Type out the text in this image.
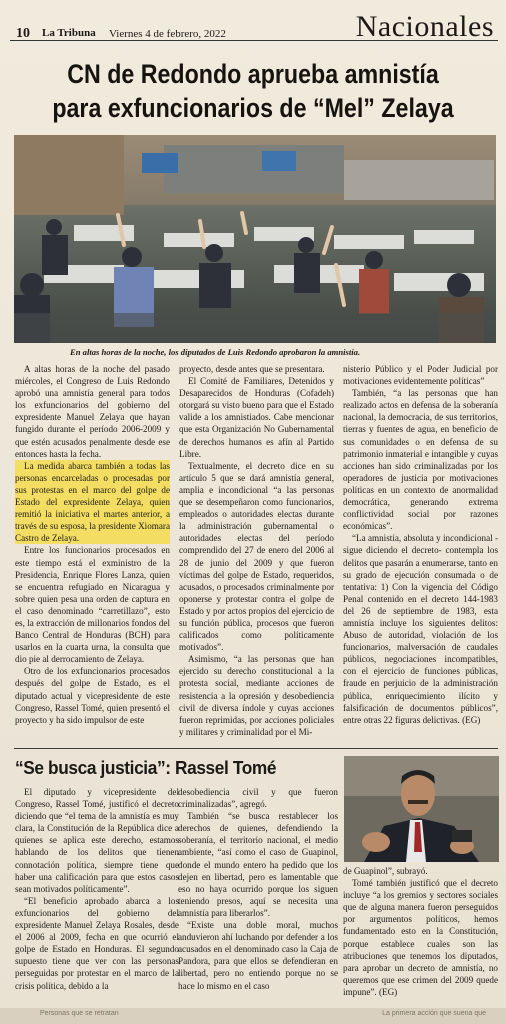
10 La Tribuna Viernes 4 de febrero, 2022	Nacionales
CN de Redondo aprueba amnistía
para exfuncionarios de “Mel” Zelaya
En altas horas de la noche, los diputados de Luis Redondo aprobaron la amnistía.

A altas horas de la noche del pasado miércoles, el Congreso de Luis Redondo aprobó una amnistía general para todos los exfuncionarios del gobierno del expresidente Manuel Zelaya que hayan fungido durante el período 2006-2009 y que estén acusados penalmente desde ese entonces hasta la fecha.

La medida abarca también a todas las personas encarceladas o procesadas por sus protestas en el marco del golpe de Estado del expresidente Zelaya, quien remitió la iniciativa el martes anterior, a través de su esposa, la presidente Xiomara Castro de Zelaya.

Entre los funcionarios procesados en este tiempo está el exministro de la Presidencia, Enrique Flores Lanza, quien se encuentra refugiado en Nicaragua y sobre quien pesa una orden de captura en el caso denominado “carretillazo”, esto es, la extracción de millonarios fondos del Banco Central de Honduras (BCH) para usarlos en la cuarta urna, la consulta que dio pie al derrocamiento de Zelaya.

Otro de los exfuncionarios procesados después del golpe de Estado, es el diputado actual y vicepresidente de este Congreso, Rassel Tomé, quien presentó el proyecto y ha sido impulsor de este

proyecto, desde antes que se presentara.

El Comité de Familiares, Detenidos y Desaparecidos de Honduras (Cofadeh) otorgará su visto bueno para que el Estado valide a los amnistiados. Cabe mencionar que esta Organización No Gubernamental de derechos humanos es afín al Partido Libre.

Textualmente, el decreto dice en su artículo 5 que se dará amnistía general, amplia e incondicional “a las personas que se desempeñaron como funcionarios, empleados o autoridades electas durante la administración gubernamental o autoridades electas del período comprendido del 27 de enero del 2006 al 28 de junio del 2009 y que fueron víctimas del golpe de Estado, requeridos, acusados, o procesados criminalmente por oponerse y protestar contra el golpe de Estado y por actos propios del ejercicio de su función pública, procesos que fueron calificados como políticamente motivados”.

Asimismo, “a las personas que han ejercido su derecho constitucional a la protesta social, mediante acciones de resistencia a la opresión y desobediencia civil de diversa índole y cuyas acciones fueron reprimidas, por acciones policiales y militares y criminalidad por el Mi-

nisterio Público y el Poder Judicial por motivaciones evidentemente políticas”

También, “a las personas que han realizado actos en defensa de la soberanía nacional, la democracia, de sus territorios, tierras y fuentes de agua, en beneficio de sus comunidades o en defensa de su patrimonio inmaterial e intangible y cuyas acciones han sido criminalizadas por los operadores de justicia por motivaciones políticas en un contexto de anormalidad democrática, generando extrema conflictividad social por razones económicas”.

“La amnistía, absoluta y incondicional -sigue diciendo el decreto- contempla los delitos que pasarán a enumerarse, tanto en su grado de ejecución consumada o de tentativa: 1) Con la vigencia del Código Penal contenido en el decreto 144-1983 del 26 de septiembre de 1983, esta amnistía incluye los siguientes delitos: Abuso de autoridad, violación de los funcionarios, malversación de caudales públicos, negociaciones incompatibles, con el ejercicio de funciones públicas, fraude en perjuicio de la administración pública, enriquecimiento ilícito y falsificación de documentos públicos”, entre otras 22 figuras delictivas. (EG)

“Se busca justicia”: Rassel Tomé

El diputado y vicepresidente del Congreso, Rassel Tomé, justificó el decreto diciendo que “el tema de la amnistía es muy clara, la Constitución de la República dice a quienes se aplica este derecho, estamos hablando de los delitos que tienen connotación política, siempre tiene que haber una calificación para que estos casos sean motivados políticamente”.

“El beneficio aprobado abarca a los exfuncionarios del gobierno del expresidente Manuel Zelaya Rosales, desde el 2006 al 2009, fecha en que ocurrió el golpe de Estado en Honduras. El segundo supuesto tiene que ver con las personas perseguidas por protestar en el marco de la crisis política, debido a la

desobediencia civil y que fueron criminalizadas”, agregó.

También “se busca restablecer los derechos de quienes, defendiendo la soberanía, el territorio nacional, el medio ambiente, “así como el caso de Guapinol, donde el mundo entero ha pedido que los dejen en libertad, pero es lamentable que eso no haya ocurrido porque los siguen teniendo presos, aquí se necesita una amnistía para liberarlos”.

“Existe una doble moral, muchos anduvieron ahí luchando por defender a los acusados en el denominado caso la Caja de Pandora, para que ellos se defendieran en libertad, pero no entiendo porque no se hace lo mismo en el caso

de Guapinol”, subrayó.

Tomé también justificó que el decreto incluye “a los gremios y sectores sociales que de alguna manera fueron perseguidos por argumentos políticos, hemos fundamentado esto en la Constitución, porque establece cuales son las atribuciones que tenemos los diputados, para aprobar un decreto de amnistía, no queremos que ese crimen del 2009 quede impune”. (EG)

Personas que se retratan	La primera acción que suena que
